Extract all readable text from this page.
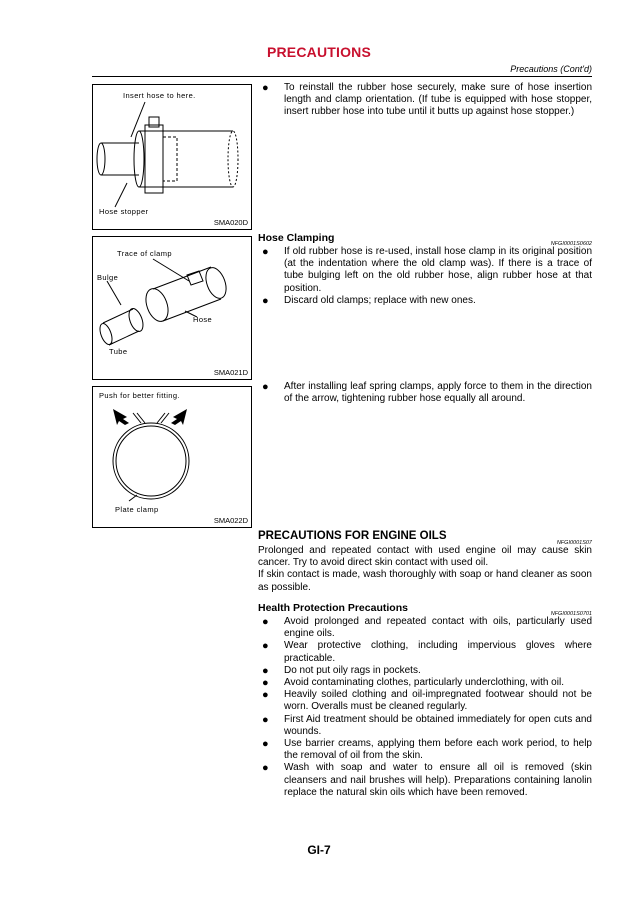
PRECAUTIONS
Precautions (Cont'd)
Insert hose to here.
Hose stopper
SMA020D
Trace of clamp
Bulge
Hose
Tube
SMA021D
Push for better fitting.
Plate clamp
SMA022D
● To reinstall the rubber hose securely, make sure of hose insertion length and clamp orientation. (If tube is equipped with hose stopper, insert rubber hose into tube until it butts up against hose stopper.)
Hose Clamping	NFGI0001S0602
● If old rubber hose is re-used, install hose clamp in its original position (at the indentation where the old clamp was). If there is a trace of tube bulging left on the old rubber hose, align rubber hose at that position.
● Discard old clamps; replace with new ones.
● After installing leaf spring clamps, apply force to them in the direction of the arrow, tightening rubber hose equally all around.
PRECAUTIONS FOR ENGINE OILS
NFGI0001S07
Prolonged and repeated contact with used engine oil may cause skin cancer. Try to avoid direct skin contact with used oil.
If skin contact is made, wash thoroughly with soap or hand cleaner as soon as possible.
Health Protection Precautions	NFGI0001S0701
● Avoid prolonged and repeated contact with oils, particularly used engine oils.
● Wear protective clothing, including impervious gloves where practicable.
● Do not put oily rags in pockets.
● Avoid contaminating clothes, particularly underclothing, with oil.
● Heavily soiled clothing and oil-impregnated footwear should not be worn. Overalls must be cleaned regularly.
● First Aid treatment should be obtained immediately for open cuts and wounds.
● Use barrier creams, applying them before each work period, to help the removal of oil from the skin.
● Wash with soap and water to ensure all oil is removed (skin cleansers and nail brushes will help). Preparations containing lanolin replace the natural skin oils which have been removed.
GI-7
